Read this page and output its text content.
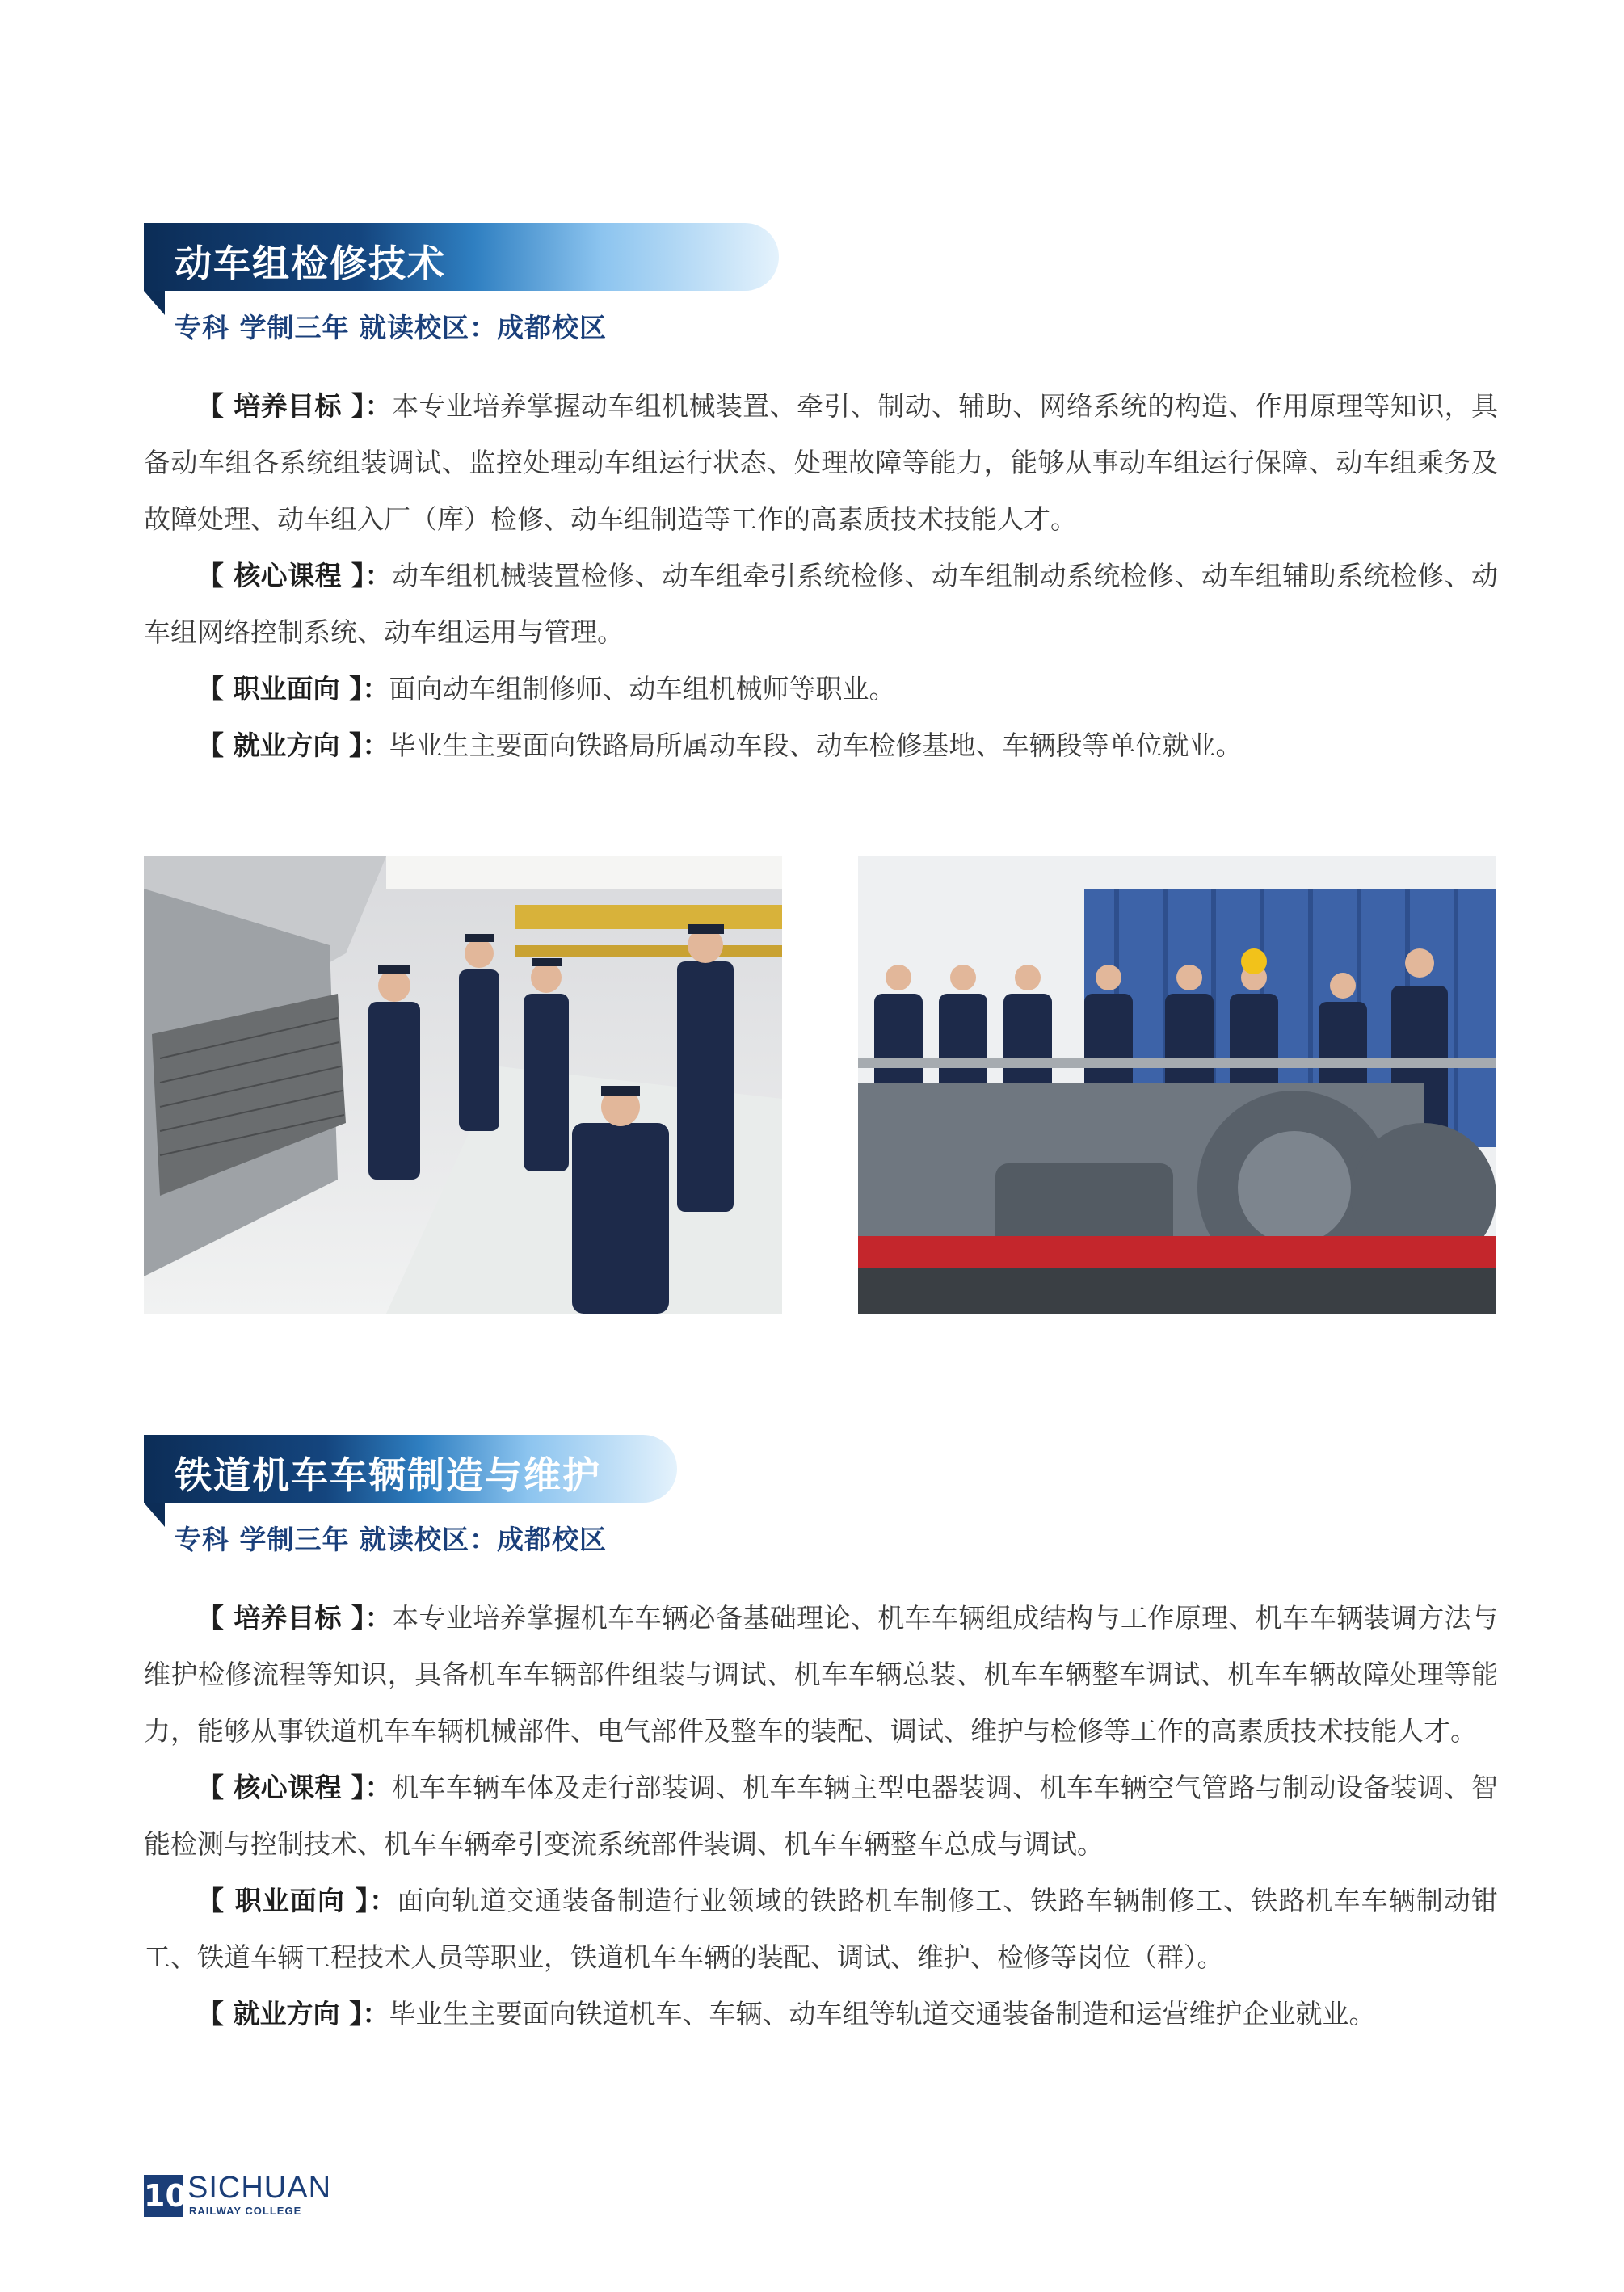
动车组检修技术
专科 学制三年 就读校区：成都校区

【 培养目标 】：本专业培养掌握动车组机械装置、牵引、制动、辅助、网络系统的构造、作用原理等知识，具备动车组各系统组装调试、监控处理动车组运行状态、处理故障等能力，能够从事动车组运行保障、动车组乘务及故障处理、动车组入厂（库）检修、动车组制造等工作的高素质技术技能人才。

【 核心课程 】：动车组机械装置检修、动车组牵引系统检修、动车组制动系统检修、动车组辅助系统检修、动车组网络控制系统、动车组运用与管理。

【 职业面向 】：面向动车组制修师、动车组机械师等职业。

【 就业方向 】：毕业生主要面向铁路局所属动车段、动车检修基地、车辆段等单位就业。

铁道机车车辆制造与维护
专科 学制三年 就读校区：成都校区

【 培养目标 】：本专业培养掌握机车车辆必备基础理论、机车车辆组成结构与工作原理、机车车辆装调方法与维护检修流程等知识，具备机车车辆部件组装与调试、机车车辆总装、机车车辆整车调试、机车车辆故障处理等能力，能够从事铁道机车车辆机械部件、电气部件及整车的装配、调试、维护与检修等工作的高素质技术技能人才。

【 核心课程 】：机车车辆车体及走行部装调、机车车辆主型电器装调、机车车辆空气管路与制动设备装调、智能检测与控制技术、机车车辆牵引变流系统部件装调、机车车辆整车总成与调试。

【 职业面向 】：面向轨道交通装备制造行业领域的铁路机车制修工、铁路车辆制修工、铁路机车车辆制动钳工、铁道车辆工程技术人员等职业，铁道机车车辆的装配、调试、维护、检修等岗位（群）。

【 就业方向 】：毕业生主要面向铁道机车、车辆、动车组等轨道交通装备制造和运营维护企业就业。

10 SICHUAN
RAILWAY COLLEGE
